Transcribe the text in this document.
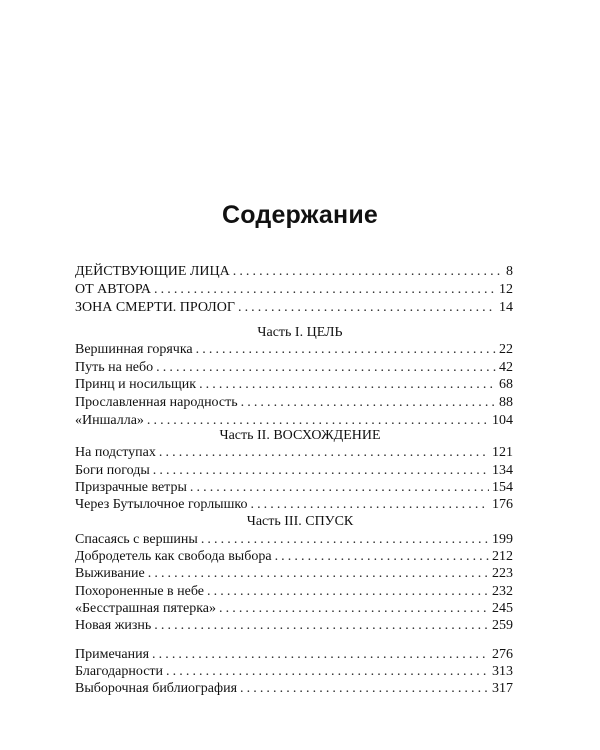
Содержание
ДЕЙСТВУЮЩИЕ ЛИЦА . . .	8
ОТ АВТОРА . . .	12
ЗОНА СМЕРТИ. ПРОЛОГ . . .	14
Часть I. ЦЕЛЬ
Вершинная горячка . . .	22
Путь на небо . . .	42
Принц и носильщик . . .	68
Прославленная народность . . .	88
«Иншалла» . . .	104
Часть II. ВОСХОЖДЕНИЕ
На подступах . . .	121
Боги погоды . . .	134
Призрачные ветры . . .	154
Через Бутылочное горлышко . . .	176
Часть III. СПУСК
Спасаясь с вершины . . .	199
Добродетель как свобода выбора . . .	212
Выживание . . .	223
Похороненные в небе . . .	232
«Бесстрашная пятерка» . . .	245
Новая жизнь . . .	259
Примечания . . .	276
Благодарности . . .	313
Выборочная библиография . . .	317
